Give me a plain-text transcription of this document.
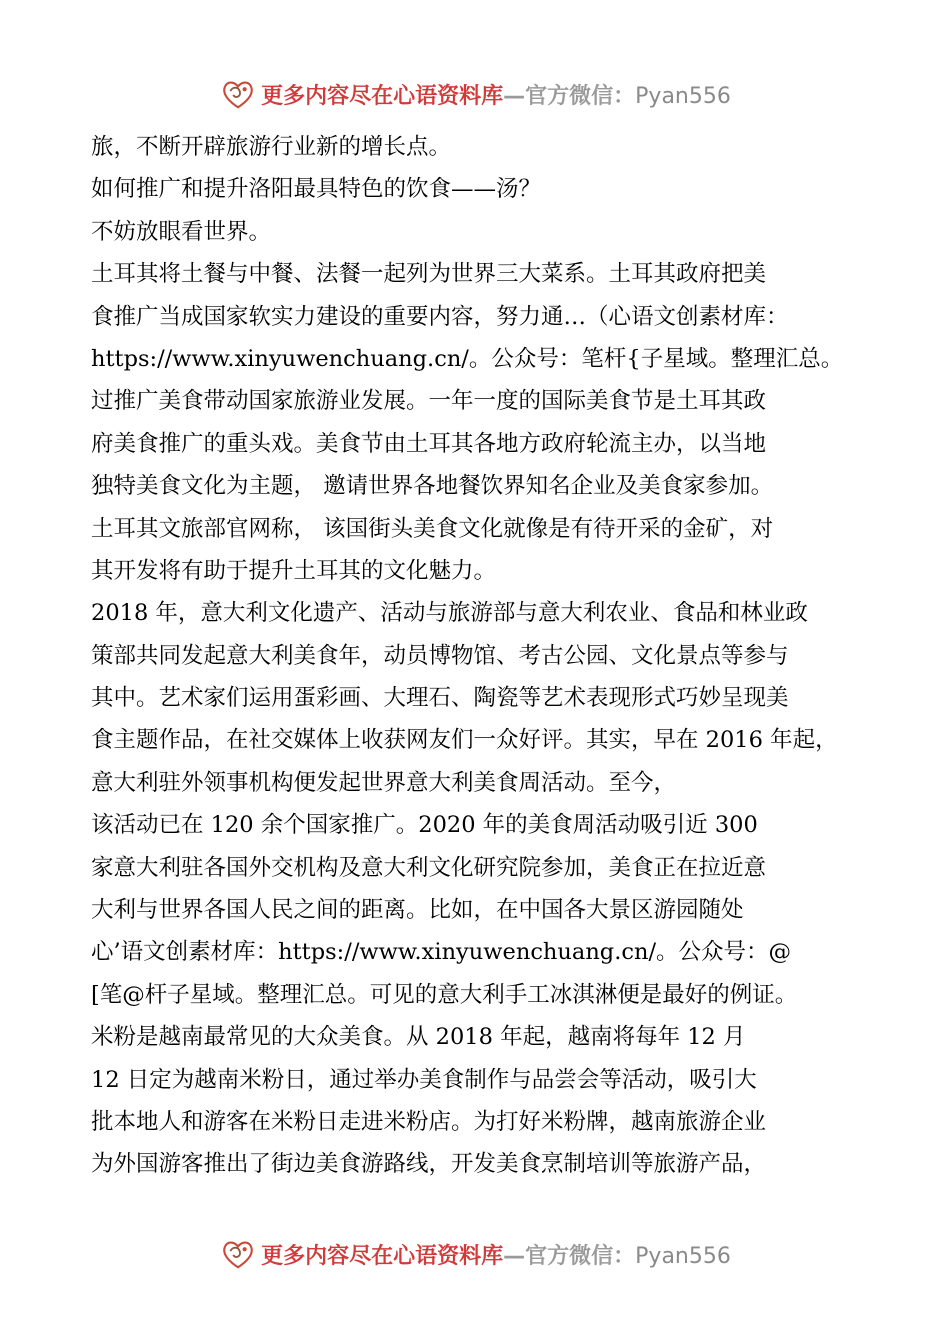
更多内容尽在心语资料库—官方微信：Pyan556
旅，不断开辟旅游行业新的增长点。
如何推广和提升洛阳最具特色的饮食——汤？
不妨放眼看世界。
土耳其将土餐与中餐、法餐一起列为世界三大菜系。土耳其政府把美
食推广当成国家软实力建设的重要内容，努力通…（心语文创素材库：
https://www.xinyuwenchuang.cn/。公众号：笔杆{子星域。整理汇总。
过推广美食带动国家旅游业发展。一年一度的国际美食节是土耳其政
府美食推广的重头戏。美食节由土耳其各地方政府轮流主办，以当地
独特美食文化为主题， 邀请世界各地餐饮界知名企业及美食家参加。
土耳其文旅部官网称， 该国街头美食文化就像是有待开采的金矿，对
其开发将有助于提升土耳其的文化魅力。
2018 年，意大利文化遗产、活动与旅游部与意大利农业、食品和林业政
策部共同发起意大利美食年，动员博物馆、考古公园、文化景点等参与
其中。艺术家们运用蛋彩画、大理石、陶瓷等艺术表现形式巧妙呈现美
食主题作品，在社交媒体上收获网友们一众好评。其实，早在 2016 年起，
意大利驻外领事机构便发起世界意大利美食周活动。至今，
该活动已在 120 余个国家推广。2020 年的美食周活动吸引近 300
家意大利驻各国外交机构及意大利文化研究院参加，美食正在拉近意
大利与世界各国人民之间的距离。比如，在中国各大景区游园随处
心’语文创素材库：https://www.xinyuwenchuang.cn/。公众号：@
[笔@杆子星域。整理汇总。可见的意大利手工冰淇淋便是最好的例证。
米粉是越南最常见的大众美食。从 2018 年起，越南将每年 12 月
12 日定为越南米粉日，通过举办美食制作与品尝会等活动，吸引大
批本地人和游客在米粉日走进米粉店。为打好米粉牌，越南旅游企业
为外国游客推出了街边美食游路线，开发美食烹制培训等旅游产品，
更多内容尽在心语资料库—官方微信：Pyan556
